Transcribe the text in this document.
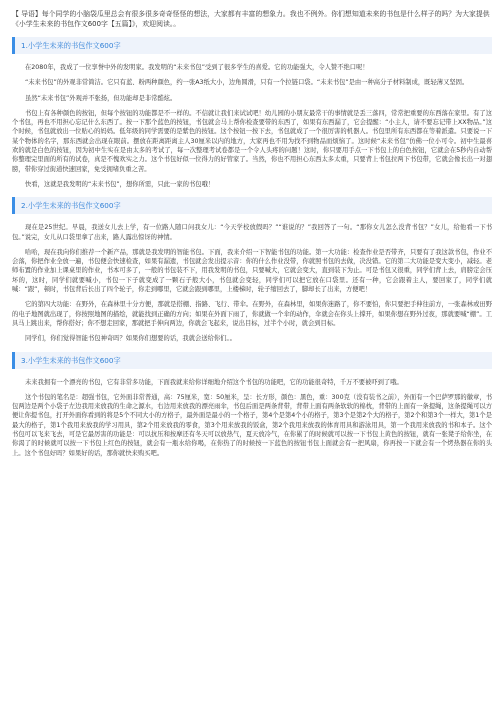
【 导语】每个同学的小脑袋瓜里总会有很多很多奇奇怪怪的想法，大家都有丰富的想象力。我也不例外。你们想知道未来的书包是什么样子的吗？为大家提供《小学生未来的书包作文600字【五篇】》，欢迎阅读。。

1.小学生未来的书包作文600字

在2080年，我成了一位享誉中外的发明家。我发明的“未来书包”受到了很多学生的喜爱。它的功能强大，令人赞不绝口呢！

“未来书包”的外观非常简洁。它只有蓝、粉两种颜色，约一张A3纸大小，边角圆滑，只有一个拉链口袋。“未来书包”是由一种高分子材料制成，既轻薄又坚固。

虽然“未来书包”外观并不张扬，但功能却是非常酷炫。

书包上有各种颜色的按钮，但每个按钮的功能都是不一样的。不信就让我们来试试吧！幼儿园的小朋友最常干的事情就是丢三落四，常常把重要的东西落在家里。有了这个书包，再也不用担心忘记什么东西了。按一下那个蓝色的按钮，书包就会马上帮你检查要带的东西了，如果有东西漏了，它会提醒：“小主人，请不要忘记带上XX物品。”这个时候，书包就放出一位贴心的妈妈。低年级的同学需要的是紫色的按钮。这个按钮一按下去，书包就成了一个很厉害的机器人。书包里所有东西都在等着派遣。只要说一下某个物体的名字，那东西就会出现在眼前。摆放在距离距离主人30厘米以内的地方，大家再也不用为找不到物品而烦恼了。这时候“未来书包”仿佛一位小可令。初中生最喜欢的就是白色的按钮，因为初中生实在是由太多的考试了，每一次整理考试卷都是一个令人头疼的问题！这时，你只要用手点一下书包上的白色按钮，它就会在5秒内自动帮你整理完里面的所有的试卷，真是不愧欢实之力。这个书包好似一位得力的好管家了。当然，你也不用担心东西太多太重，只要背上书包拉两下书包带，它就会像长出一对翅膀，带你穿过街道快速回家，免受拥堵负重之苦。

快看，这就是我发明的“未来书包”，想你所需，只此一家的书包哦！

2.小学生未来的书包作文600字

现在是25世纪。早晨，我送女儿去上学，有一位路人随口问我女儿：“今天学校放假吗？”“谁说的？”我回答了一句。“那你女儿怎么没背书包？”女儿，给他看一下书包。”说完，女儿从口袋里拿了出来，路人露出惊讶的神情。

哈哈，现在我向你们推荐一个新产品，那就是我发明的智能书包。下面，我来介绍一下智能书包的功能。第一大功能：检查作业是否带齐，只要有了我这款书包，作业不会落，你把作业全放一遍，书包便会快速检查，如果有漏遗，书包就会发出提示音：你的什么作业没带，你就照书包的去做，决没错。它的第二大功能是变大变小，减轻。老师布置的作业加上课桌里的作业，书本可多了，一般的书包装不下，用我发明的书包，只要喊大，它就会变大，直到装下为止。可是书包又很重，同学们背上去，肩膀定会压坏的，这时，同学们就要喊小，书包一下子就变成了一颗石子般大小，书包就会变轻，同学们可以把它放在口袋里。还有一种，它会跟着主人，要回家了，同学们就喊：“跟”，顿时，书包背后长出了四个轮子，你走到哪里，它就会跟到哪里，上楼梯时，轮子缩回去了，脚却长了出来，方便吧！

它的第四大功能：在野外，在森林里十分方便，那就是搭棚、指路、飞行、带伞。在野外，在森林里，如果你迷路了，你不要怕，你只要把手伸往前方，一张森林或田野的电子地图就出现了，你按照地图的描绘，就能找到正确的方向；如果在外面下雨了，你就做一个伞的动作，伞就会在你头上撑开，如果你想在野外过夜，那就要喊“棚”。工具马上跳出来，帮你搭好；你不想走回家，那就把手伸向两边，你就会飞起来，说出目标，过半个小时，就会到目标。

同学们，你们觉得智能书包神奇吗？如果你们想要的话，我就会送给你们。。

3.小学生未来的书包作文600字

未来我拥有一个漂亮的书包，它有非常多功能，下面我就来给你详细地介绍这个书包的功能吧，它的功能很奇特，千万不要被吓到了哦。

这个书包的笔名是：超强书包，它外面非常普通，高：75厘米，宽：50厘米，呈：长方形，颜色：黑色，重：300克（没有装书之前），外面有一个巴萨罗那的徽章，书包两边是两个小袋子左边我用来放我的生命之源水，右边用来放我的漂亮雨伞，书包后面是两条背带，背带上面有两条软软的棉枕，背带的上面有一条提绳，这条提绳可以方便让你提书包，打开外面你看到的将是5个不同大小的方格子，最外面是最小的一个格子，第4个是第4个小的格子，第3个是第2个大的格子，第2个和第3个一样大，第1个是最大的格子，第1个我用来放我的学习用具，第2个用来放我的零食，第3个用来放我的饭盒，第2个我用来放我的体育用具和游泳用具，第一个我用来放我的书和本子。这个书包可以飞来飞去，可是它最厉害的功能是：可以抗压和按摩还有冬天可以放热气，夏天放冷气，在你累了的时候就可以按一下书包上黄色的按钮，就有一张凳子给你坐，在你渴了的时候就可以按一下书包上红色的按钮，就会有一瓶水给你喝，在你热了的时候按一下蓝色的按钮书包上面就会有一把风扇，你再按一下就会有一个烤热器在你的头上。这个书包好吗？如果好的话，那你就快来购买吧。
